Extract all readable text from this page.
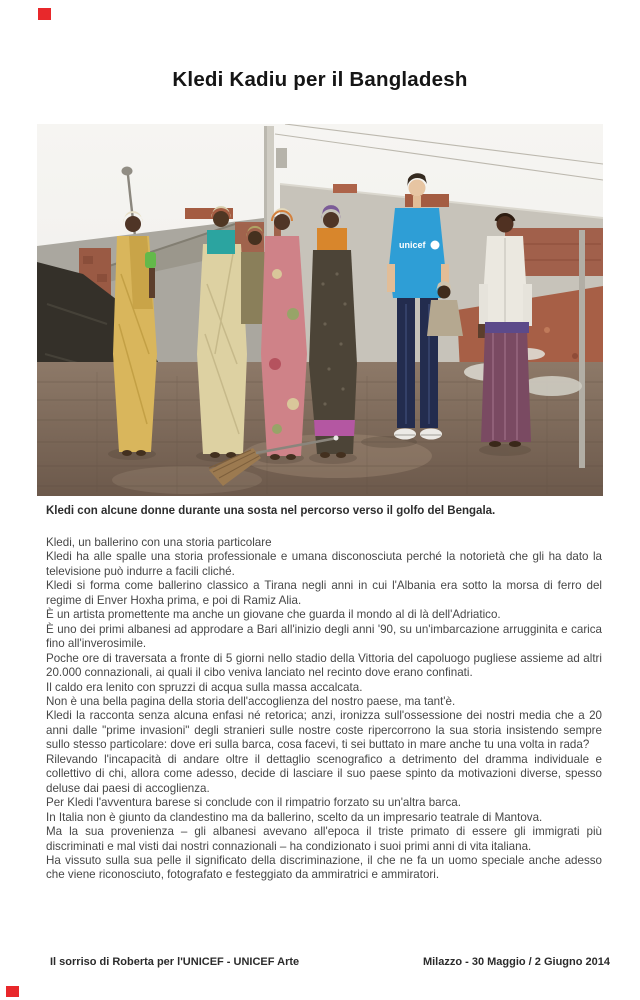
Kledi Kadiu per il Bangladesh
unicef
Kledi con alcune donne durante una sosta nel percorso verso il golfo del Bengala.
Kledi, un ballerino con una storia particolare
Kledi ha alle spalle una storia professionale e umana disconosciuta perché la notorietà che gli ha dato la televisione può indurre a facili cliché.
Kledi si forma come ballerino classico a Tirana negli anni in cui l'Albania era sotto la morsa di ferro del regime di Enver Hoxha prima, e poi di Ramiz Alia.
È un artista promettente ma anche un giovane che guarda il mondo al di là dell'Adriatico.
È uno dei primi albanesi ad approdare a Bari all'inizio degli anni '90, su un'imbarcazione arrugginita e carica fino all'inverosimile.
Poche ore di traversata a fronte di 5 giorni nello stadio della Vittoria del capoluogo pugliese assieme ad altri 20.000 connazionali, ai quali il cibo veniva lanciato nel recinto dove erano confinati.
Il caldo era lenito con spruzzi di acqua sulla massa accalcata.
Non è una bella pagina della storia dell'accoglienza del nostro paese, ma tant'è.
Kledi la racconta senza alcuna enfasi né retorica; anzi, ironizza sull'ossessione dei nostri media che a 20 anni dalle "prime invasioni" degli stranieri sulle nostre coste ripercorrono la sua storia insistendo sempre sullo stesso particolare: dove eri sulla barca, cosa facevi, ti sei buttato in mare anche tu una volta in rada?
Rilevando l'incapacità di andare oltre il dettaglio scenografico a detrimento del dramma individuale e collettivo di chi, allora come adesso, decide di lasciare il suo paese spinto da motivazioni diverse, spesso deluse dai paesi di accoglienza.
Per Kledi l'avventura barese si conclude con il rimpatrio forzato su un'altra barca.
In Italia non è giunto da clandestino ma da ballerino, scelto da un impresario teatrale di Mantova.
Ma la sua provenienza – gli albanesi avevano all'epoca il triste primato di essere gli immigrati più discriminati e mal visti dai nostri connazionali – ha condizionato i suoi primi anni di vita italiana.
Ha vissuto sulla sua pelle il significato della discriminazione, il che ne fa un uomo speciale anche adesso che viene riconosciuto, fotografato e festeggiato da ammiratrici e ammiratori.
Il sorriso di Roberta per l'UNICEF - UNICEF Arte	Milazzo - 30 Maggio / 2 Giugno 2014
